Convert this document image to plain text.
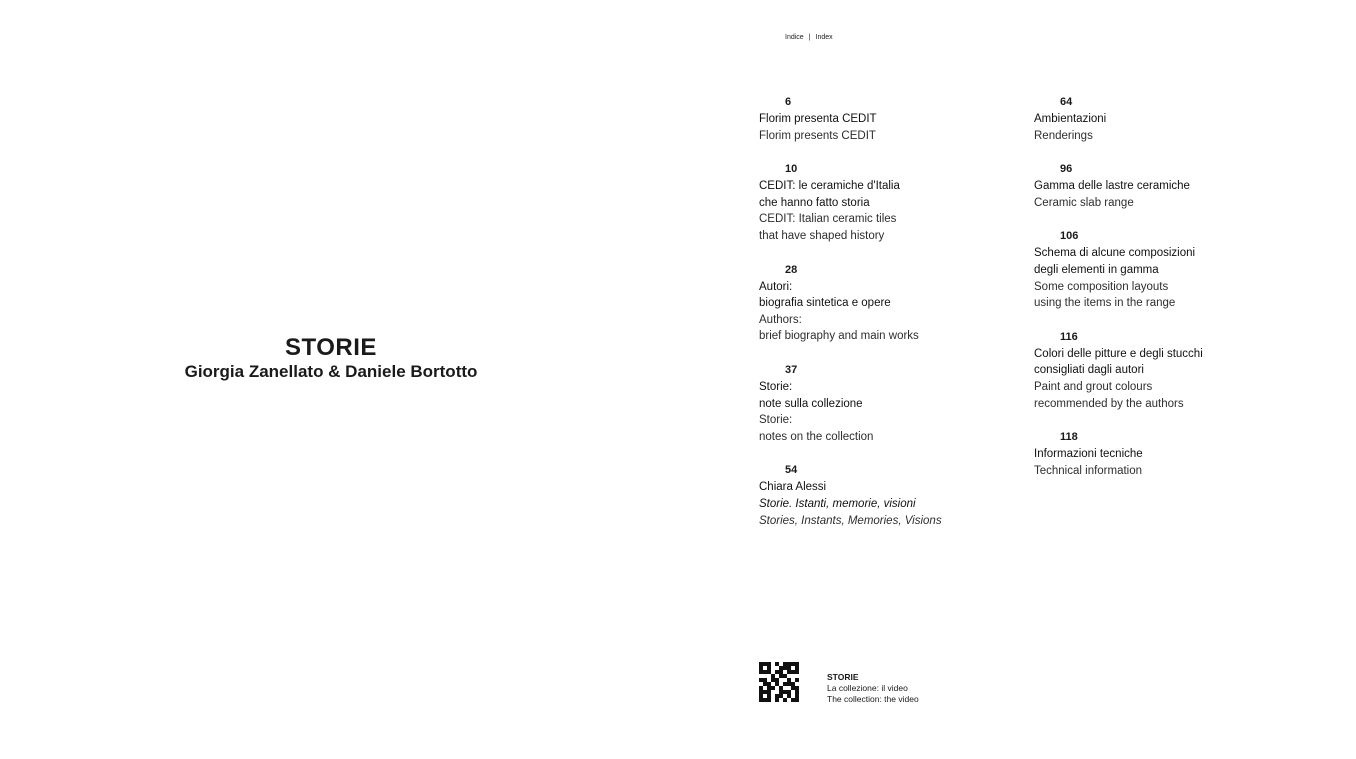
STORIE
Giorgia Zanellato & Daniele Bortotto
Indice | Index
6
Florim presenta CEDIT
Florim presents CEDIT
10
CEDIT: le ceramiche d'Italia
che hanno fatto storia
CEDIT: Italian ceramic tiles
that have shaped history
28
Autori:
biografia sintetica e opere
Authors:
brief biography and main works
37
Storie:
note sulla collezione
Storie:
notes on the collection
54
Chiara Alessi
Storie. Istanti, memorie, visioni
Stories, Instants, Memories, Visions
64
Ambientazioni
Renderings
96
Gamma delle lastre ceramiche
Ceramic slab range
106
Schema di alcune composizioni
degli elementi in gamma
Some composition layouts
using the items in the range
116
Colori delle pitture e degli stucchi
consigliati dagli autori
Paint and grout colours
recommended by the authors
118
Informazioni tecniche
Technical information
STORIE
La collezione: il video
The collection: the video
